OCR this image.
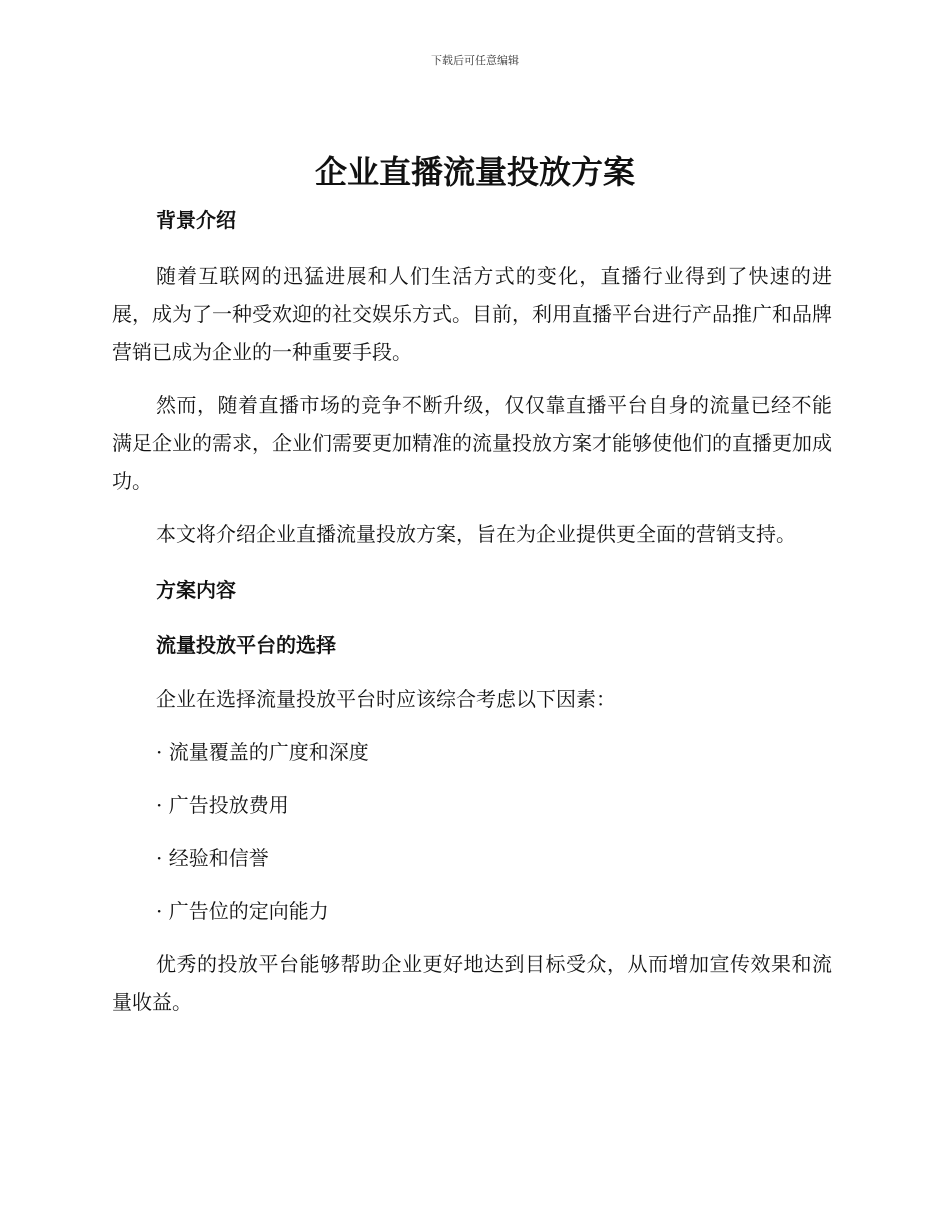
下载后可任意编辑
企业直播流量投放方案
背景介绍

随着互联网的迅猛进展和人们生活方式的变化，直播行业得到了快速的进展，成为了一种受欢迎的社交娱乐方式。目前，利用直播平台进行产品推广和品牌营销已成为企业的一种重要手段。

然而，随着直播市场的竞争不断升级，仅仅靠直播平台自身的流量已经不能满足企业的需求，企业们需要更加精准的流量投放方案才能够使他们的直播更加成功。

本文将介绍企业直播流量投放方案，旨在为企业提供更全面的营销支持。

方案内容
流量投放平台的选择

企业在选择流量投放平台时应该综合考虑以下因素：

· 流量覆盖的广度和深度

· 广告投放费用

· 经验和信誉

· 广告位的定向能力

优秀的投放平台能够帮助企业更好地达到目标受众，从而增加宣传效果和流量收益。
